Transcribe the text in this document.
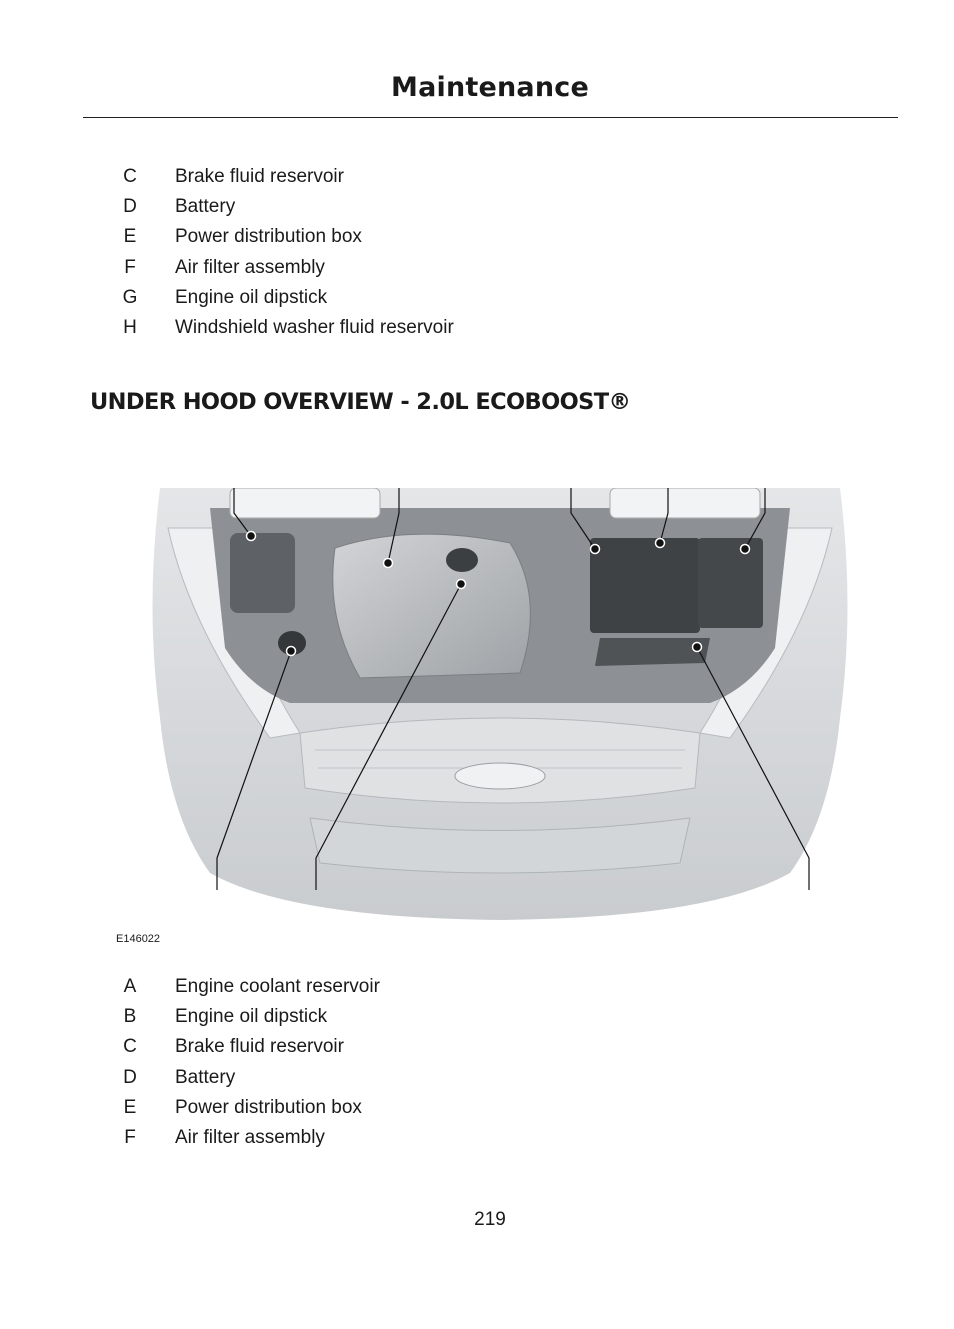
Maintenance
C Brake fluid reservoir
D Battery
E Power distribution box
F Air filter assembly
G Engine oil dipstick
H Windshield washer fluid reservoir
UNDER HOOD OVERVIEW - 2.0L ECOBOOST®
E146022
A Engine coolant reservoir
B Engine oil dipstick
C Brake fluid reservoir
D Battery
E Power distribution box
F Air filter assembly
219
